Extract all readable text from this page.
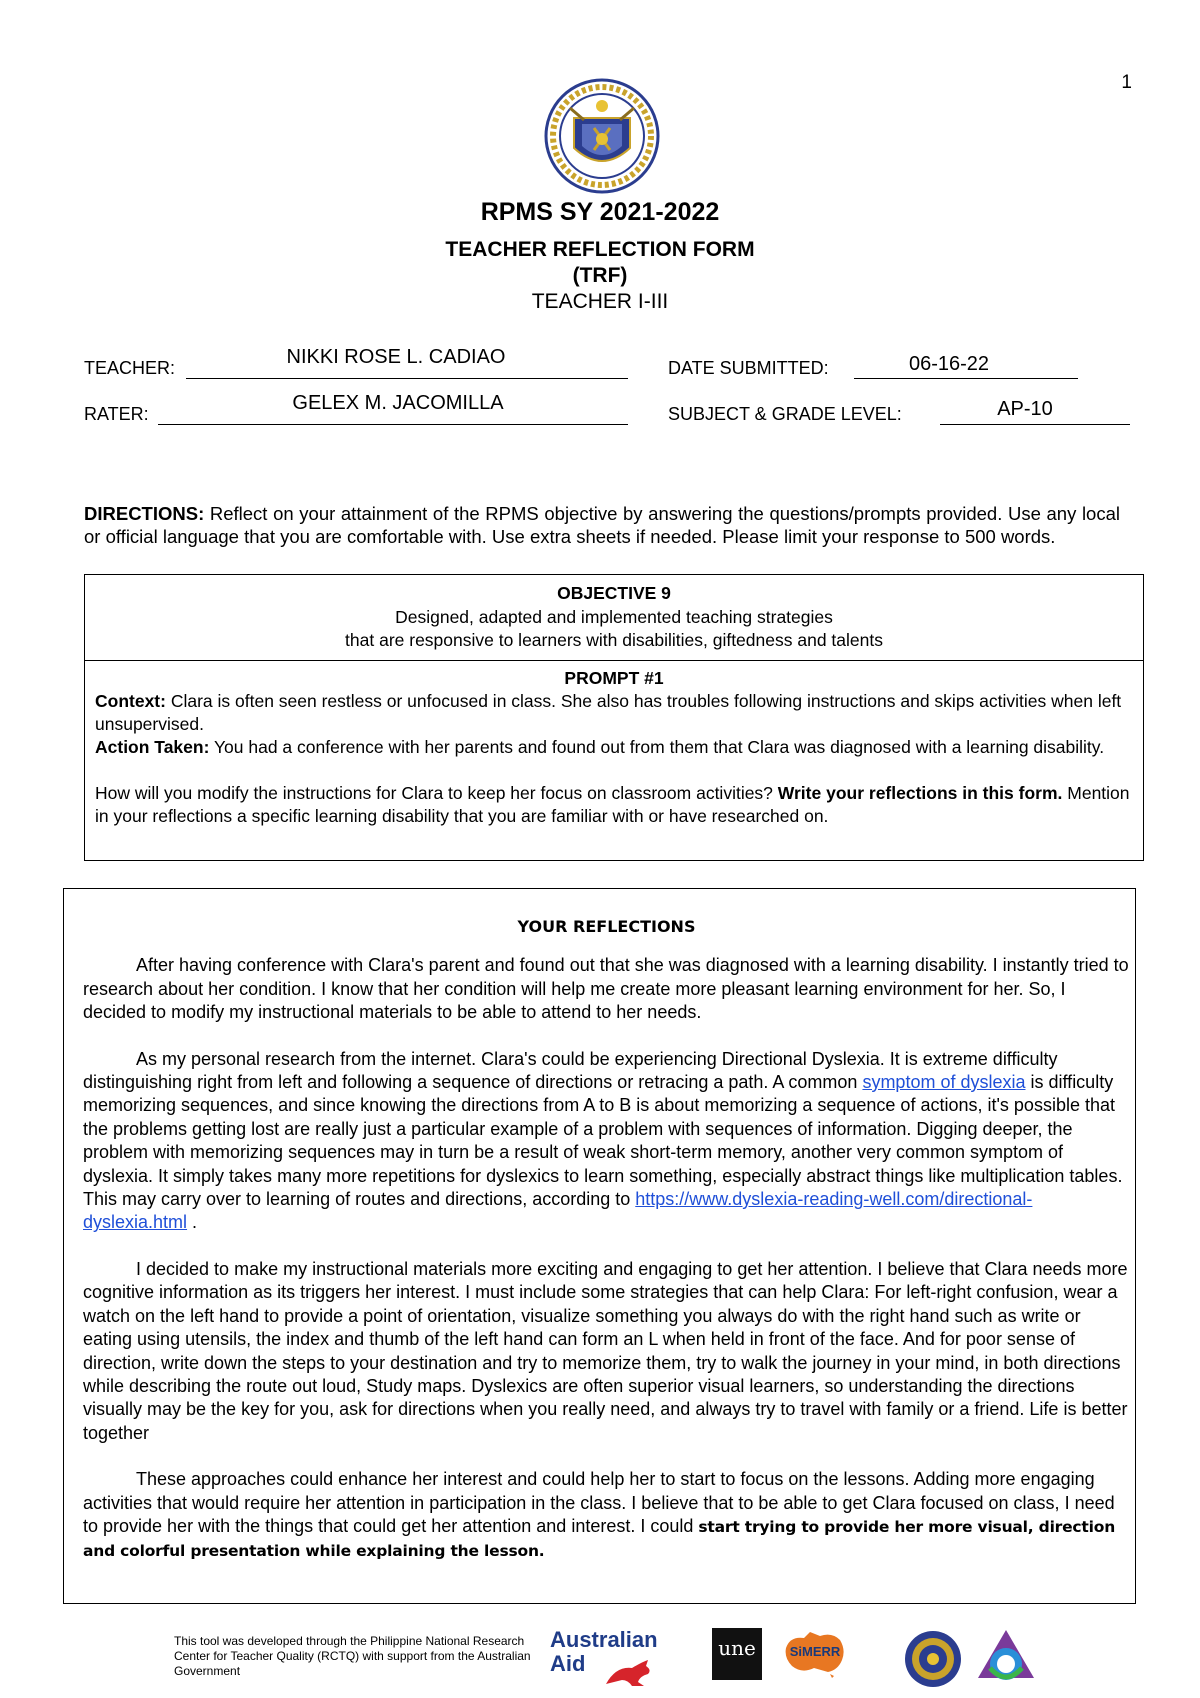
1
RPMS SY 2021-2022
TEACHER REFLECTION FORM
(TRF)
TEACHER I-III
TEACHER:	NIKKI ROSE L. CADIAO	DATE SUBMITTED:	06-16-22
RATER:	GELEX M. JACOMILLA	SUBJECT & GRADE LEVEL:	AP-10
DIRECTIONS: Reflect on your attainment of the RPMS objective by answering the questions/prompts provided. Use any local or official language that you are comfortable with. Use extra sheets if needed. Please limit your response to 500 words.
OBJECTIVE 9
Designed, adapted and implemented teaching strategies
that are responsive to learners with disabilities, giftedness and talents
PROMPT #1
Context: Clara is often seen restless or unfocused in class. She also has troubles following instructions and skips activities when left unsupervised.
Action Taken: You had a conference with her parents and found out from them that Clara was diagnosed with a learning disability.
How will you modify the instructions for Clara to keep her focus on classroom activities? Write your reflections in this form. Mention in your reflections a specific learning disability that you are familiar with or have researched on.
YOUR REFLECTIONS

After having conference with Clara's parent and found out that she was diagnosed with a learning disability. I instantly tried to research about her condition. I know that her condition will help me create more pleasant learning environment for her. So, I decided to modify my instructional materials to be able to attend to her needs.

As my personal research from the internet. Clara's could be experiencing Directional Dyslexia. It is extreme difficulty distinguishing right from left and following a sequence of directions or retracing a path. A common symptom of dyslexia is difficulty memorizing sequences, and since knowing the directions from A to B is about memorizing a sequence of actions, it's possible that the problems getting lost are really just a particular example of a problem with sequences of information. Digging deeper, the problem with memorizing sequences may in turn be a result of weak short-term memory, another very common symptom of dyslexia. It simply takes many more repetitions for dyslexics to learn something, especially abstract things like multiplication tables. This may carry over to learning of routes and directions, according to https://www.dyslexia-reading-well.com/directional-dyslexia.html .

I decided to make my instructional materials more exciting and engaging to get her attention. I believe that Clara needs more cognitive information as its triggers her interest. I must include some strategies that can help Clara: For left-right confusion, wear a watch on the left hand to provide a point of orientation, visualize something you always do with the right hand such as write or eating using utensils, the index and thumb of the left hand can form an L when held in front of the face. And for poor sense of direction, write down the steps to your destination and try to memorize them, try to walk the journey in your mind, in both directions while describing the route out loud, Study maps. Dyslexics are often superior visual learners, so understanding the directions visually may be the key for you, ask for directions when you really need, and always try to travel with family or a friend. Life is better together

These approaches could enhance her interest and could help her to start to focus on the lessons. Adding more engaging activities that would require her attention in participation in the class. I believe that to be able to get Clara focused on class, I need to provide her with the things that could get her attention and interest. I could start trying to provide her more visual, direction and colorful presentation while explaining the lesson.

This tool was developed through the Philippine National Research Center for Teacher Quality (RCTQ) with support from the Australian Government
Australian
Aid
une	SiMERR
